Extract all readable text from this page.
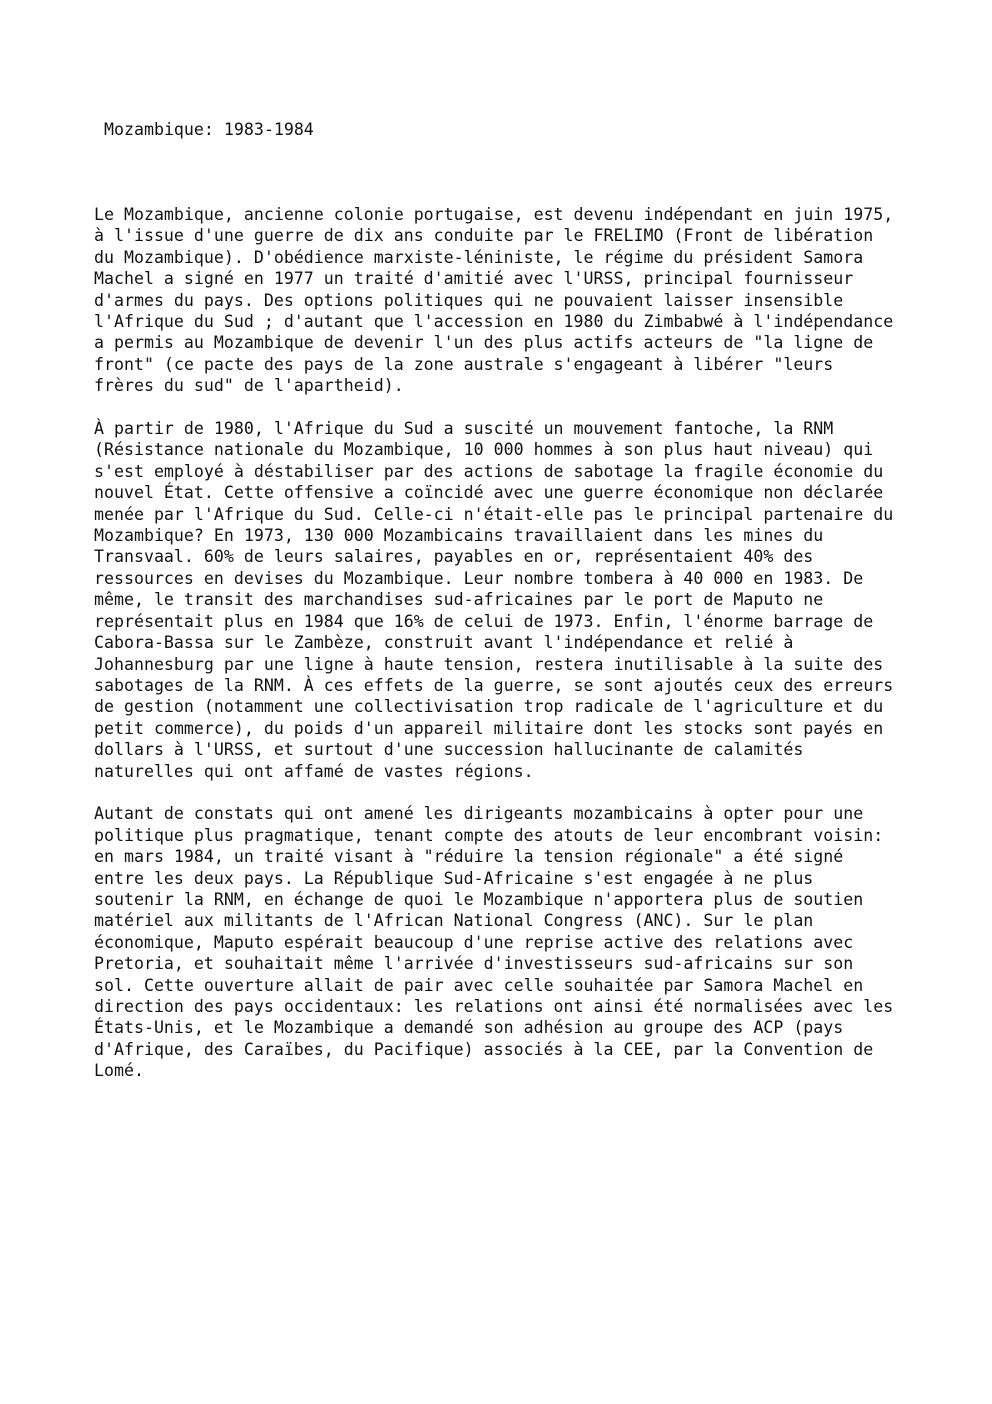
Mozambique: 1983-1984

Le Mozambique, ancienne colonie portugaise, est devenu indépendant en juin 1975,
à l'issue d'une guerre de dix ans conduite par le FRELIMO (Front de libération
du Mozambique). D'obédience marxiste-léniniste, le régime du président Samora
Machel a signé en 1977 un traité d'amitié avec l'URSS, principal fournisseur
d'armes du pays. Des options politiques qui ne pouvaient laisser insensible
l'Afrique du Sud ; d'autant que l'accession en 1980 du Zimbabwé à l'indépendance
a permis au Mozambique de devenir l'un des plus actifs acteurs de "la ligne de
front" (ce pacte des pays de la zone australe s'engageant à libérer "leurs
frères du sud" de l'apartheid).

À partir de 1980, l'Afrique du Sud a suscité un mouvement fantoche, la RNM
(Résistance nationale du Mozambique, 10 000 hommes à son plus haut niveau) qui
s'est employé à déstabiliser par des actions de sabotage la fragile économie du
nouvel État. Cette offensive a coïncidé avec une guerre économique non déclarée
menée par l'Afrique du Sud. Celle-ci n'était-elle pas le principal partenaire du
Mozambique? En 1973, 130 000 Mozambicains travaillaient dans les mines du
Transvaal. 60% de leurs salaires, payables en or, représentaient 40% des
ressources en devises du Mozambique. Leur nombre tombera à 40 000 en 1983. De
même, le transit des marchandises sud-africaines par le port de Maputo ne
représentait plus en 1984 que 16% de celui de 1973. Enfin, l'énorme barrage de
Cabora-Bassa sur le Zambèze, construit avant l'indépendance et relié à
Johannesburg par une ligne à haute tension, restera inutilisable à la suite des
sabotages de la RNM. À ces effets de la guerre, se sont ajoutés ceux des erreurs
de gestion (notamment une collectivisation trop radicale de l'agriculture et du
petit commerce), du poids d'un appareil militaire dont les stocks sont payés en
dollars à l'URSS, et surtout d'une succession hallucinante de calamités
naturelles qui ont affamé de vastes régions.

Autant de constats qui ont amené les dirigeants mozambicains à opter pour une
politique plus pragmatique, tenant compte des atouts de leur encombrant voisin:
en mars 1984, un traité visant à "réduire la tension régionale" a été signé
entre les deux pays. La République Sud-Africaine s'est engagée à ne plus
soutenir la RNM, en échange de quoi le Mozambique n'apportera plus de soutien
matériel aux militants de l'African National Congress (ANC). Sur le plan
économique, Maputo espérait beaucoup d'une reprise active des relations avec
Pretoria, et souhaitait même l'arrivée d'investisseurs sud-africains sur son
sol. Cette ouverture allait de pair avec celle souhaitée par Samora Machel en
direction des pays occidentaux: les relations ont ainsi été normalisées avec les
États-Unis, et le Mozambique a demandé son adhésion au groupe des ACP (pays
d'Afrique, des Caraïbes, du Pacifique) associés à la CEE, par la Convention de
Lomé.
